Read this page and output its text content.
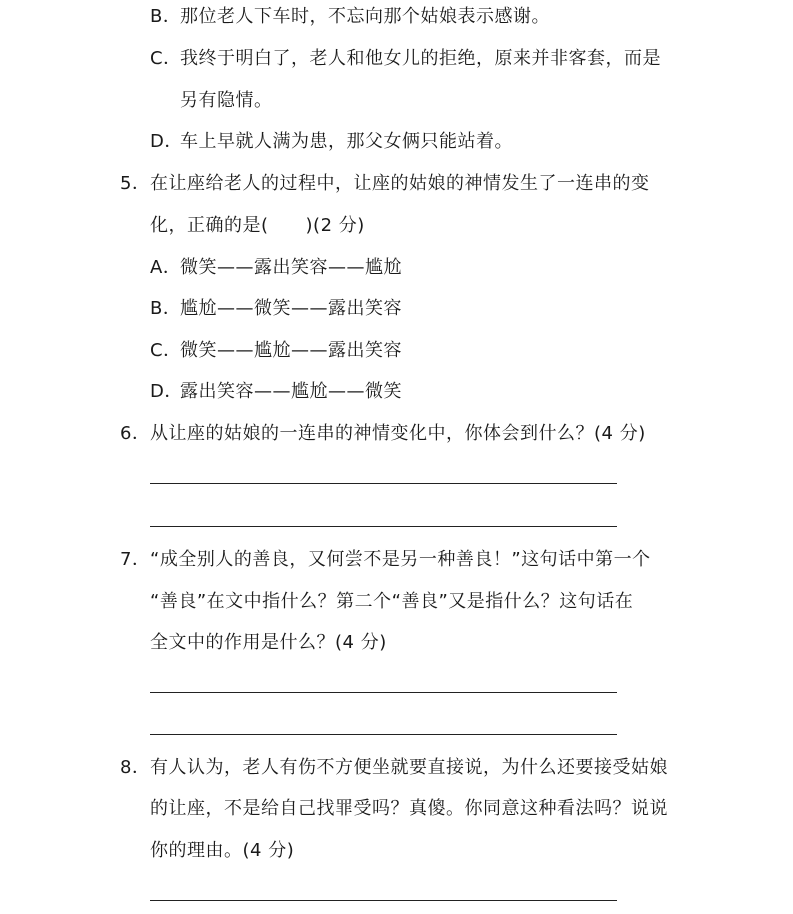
B．
那位老人下车时，不忘向那个姑娘表示感谢。
C．
我终于明白了，老人和他女儿的拒绝，原来并非客套，而是
另有隐情。
D．
车上早就人满为患，那父女俩只能站着。
5． 在让座给老人的过程中，让座的姑娘的神情发生了一连串的变
化，正确的是(　　)(2 分)
A．
微笑——露出笑容——尴尬
B．
尴尬——微笑——露出笑容
C．
微笑——尴尬——露出笑容
D．
露出笑容——尴尬——微笑
6． 从让座的姑娘的一连串的神情变化中，你体会到什么？(4 分)
7． “成全别人的善良，又何尝不是另一种善良！”这句话中第一个
“善良”在文中指什么？第二个“善良”又是指什么？这句话在
全文中的作用是什么？(4 分)
8． 有人认为，老人有伤不方便坐就要直接说，为什么还要接受姑娘
的让座，不是给自己找罪受吗？真傻。你同意这种看法吗？说说
你的理由。(4 分)
